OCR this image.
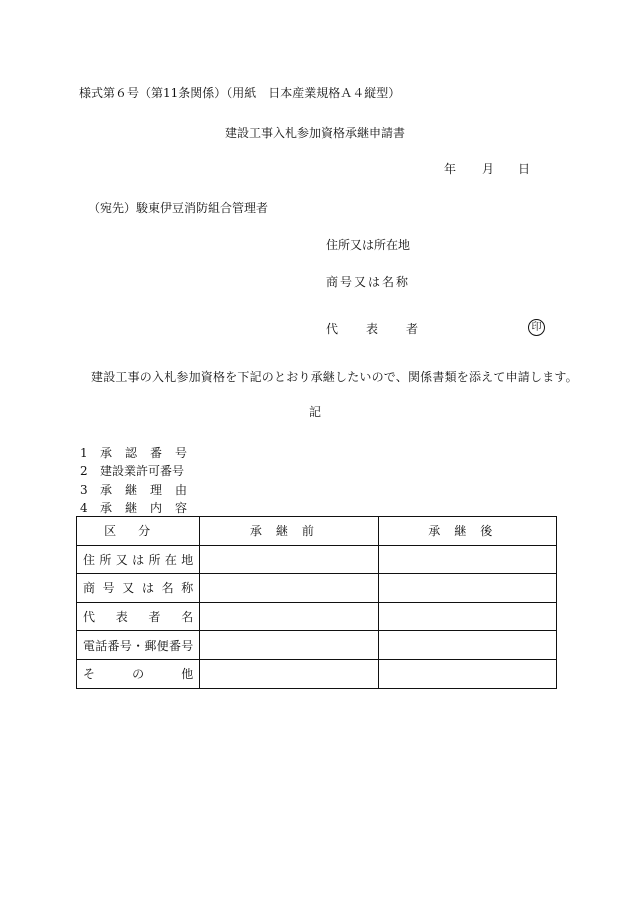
様式第６号（第11条関係）（用紙　日本産業規格Ａ４縦型）
建設工事入札参加資格承継申請書
年 月 日
（宛先）駿東伊豆消防組合管理者
住所又は所在地
商号又は名称
代 表 者	印
建設工事の入札参加資格を下記のとおり承継したいので、関係書類を添えて申請します。
記
1 承認番号
2 建設業許可番号
3 承継理由
4 承継内容
区分	承継前	承継後
住所又は所在地		
商号又は名称		
代表者名		
電話番号・郵便番号		
その他		
